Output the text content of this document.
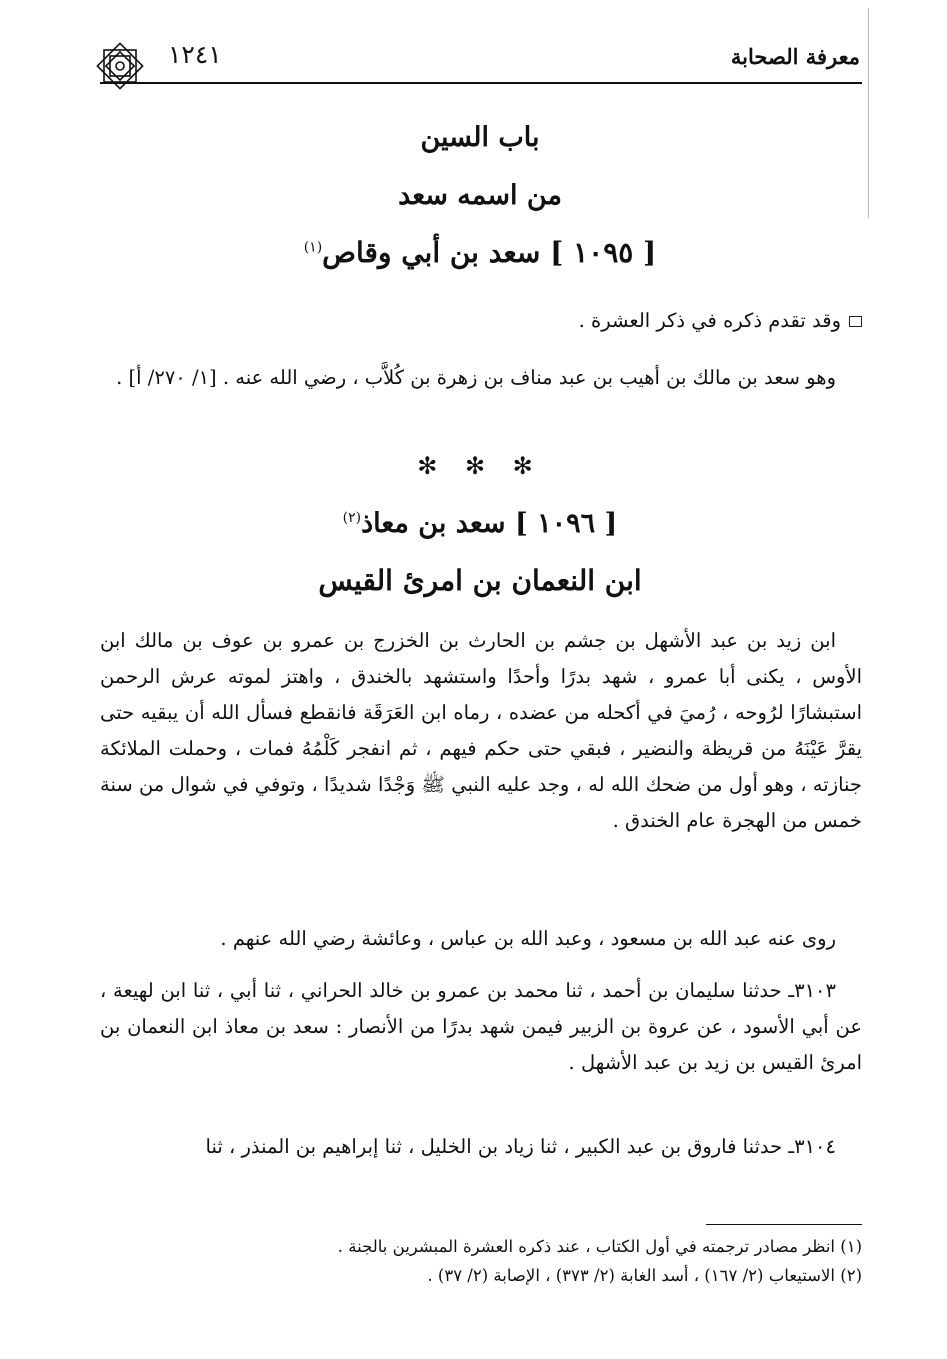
معرفة الصحابة
١٢٤١
باب السين
من اسمه سعد
[ ١٠٩٥ ] سعد بن أبي وقاص$^{(١)}$
وقد تقدم ذكره في ذكر العشرة .
وهو سعد بن مالك بن أهيب بن عبد مناف بن زهرة بن كُلاَّب ، رضي الله عنه . [١/ ٢٧٠/ أ] .
✻ ✻ ✻
[ ١٠٩٦ ] سعد بن معاذ$^{(٢)}$
ابن النعمان بن امرئ القيس
ابن زيد بن عبد الأشهل بن جشم بن الحارث بن الخزرج بن عمرو بن عوف بن مالك ابن الأوس ، يكنى أبا عمرو ، شهد بدرًا وأحدًا واستشهد بالخندق ، واهتز لموته عرش الرحمن استبشارًا لرُوحه ، رُميَ في أكحله من عضده ، رماه ابن العَرَقَة فانقطع فسأل الله أن يبقيه حتى يقرَّ عَيْنَهُ من قريظة والنضير ، فبقي حتى حكم فيهم ، ثم انفجر كَلْمُهُ فمات ، وحملت الملائكة جنازته ، وهو أول من ضحك الله له ، وجد عليه النبي ﷺ وَجْدًا شديدًا ، وتوفي في شوال من سنة خمس من الهجرة عام الخندق .
روى عنه عبد الله بن مسعود ، وعبد الله بن عباس ، وعائشة رضي الله عنهم .
٣١٠٣ـ حدثنا سليمان بن أحمد ، ثنا محمد بن عمرو بن خالد الحراني ، ثنا أبي ، ثنا ابن لهيعة ، عن أبي الأسود ، عن عروة بن الزبير فيمن شهد بدرًا من الأنصار : سعد بن معاذ ابن النعمان بن امرئ القيس بن زيد بن عبد الأشهل .
٣١٠٤ـ حدثنا فاروق بن عبد الكبير ، ثنا زياد بن الخليل ، ثنا إبراهيم بن المنذر ، ثنا
(١) انظر مصادر ترجمته في أول الكتاب ، عند ذكره العشرة المبشرين بالجنة .
(٢) الاستيعاب (٢/ ١٦٧) ، أسد الغابة (٢/ ٣٧٣) ، الإصابة (٢/ ٣٧) .
